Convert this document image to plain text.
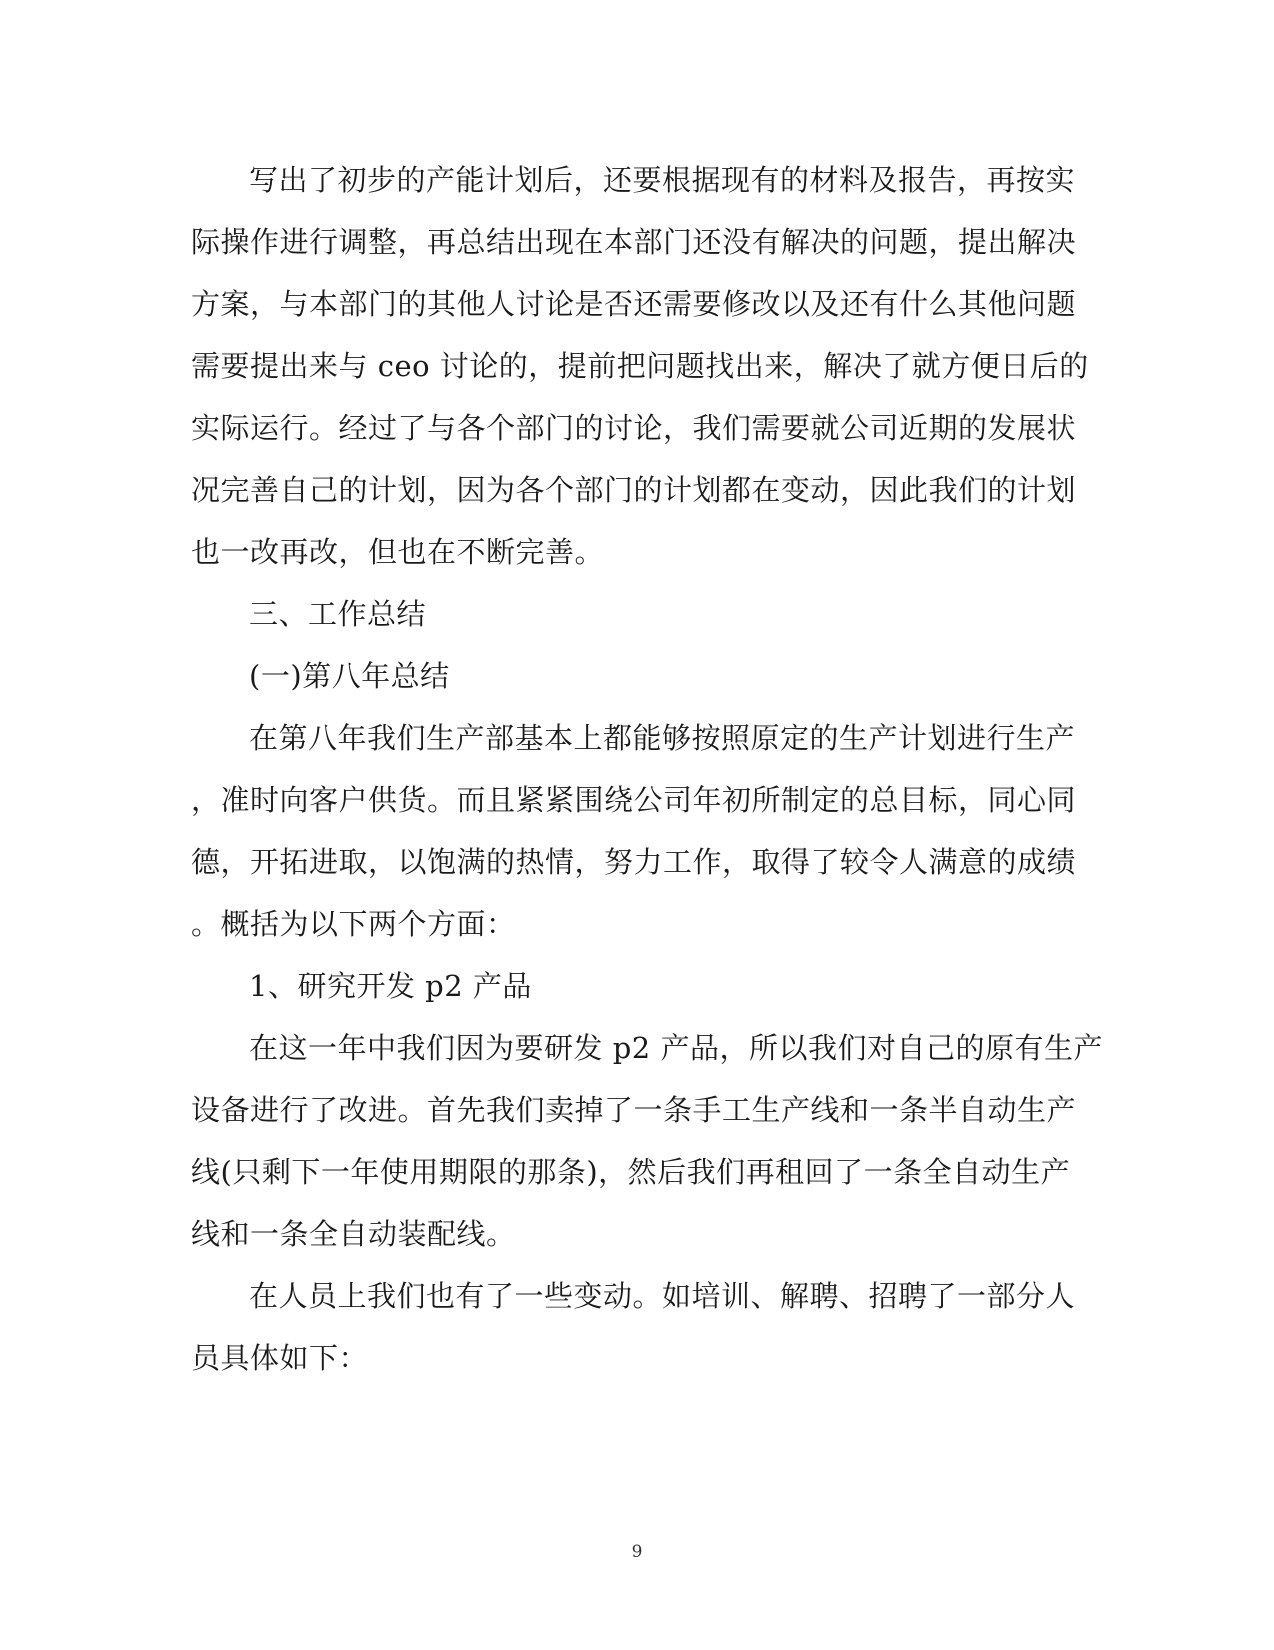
写出了初步的产能计划后，还要根据现有的材料及报告，再按实
际操作进行调整，再总结出现在本部门还没有解决的问题，提出解决
方案，与本部门的其他人讨论是否还需要修改以及还有什么其他问题
需要提出来与 ceo 讨论的，提前把问题找出来，解决了就方便日后的
实际运行。经过了与各个部门的讨论，我们需要就公司近期的发展状
况完善自己的计划，因为各个部门的计划都在变动，因此我们的计划
也一改再改，但也在不断完善。
三、工作总结
(一)第八年总结
在第八年我们生产部基本上都能够按照原定的生产计划进行生产
，准时向客户供货。而且紧紧围绕公司年初所制定的总目标，同心同
德，开拓进取，以饱满的热情，努力工作，取得了较令人满意的成绩
。概括为以下两个方面：
1、研究开发 p2 产品
在这一年中我们因为要研发 p2 产品，所以我们对自己的原有生产
设备进行了改进。首先我们卖掉了一条手工生产线和一条半自动生产
线(只剩下一年使用期限的那条)，然后我们再租回了一条全自动生产
线和一条全自动装配线。
在人员上我们也有了一些变动。如培训、解聘、招聘了一部分人
员具体如下：
9
